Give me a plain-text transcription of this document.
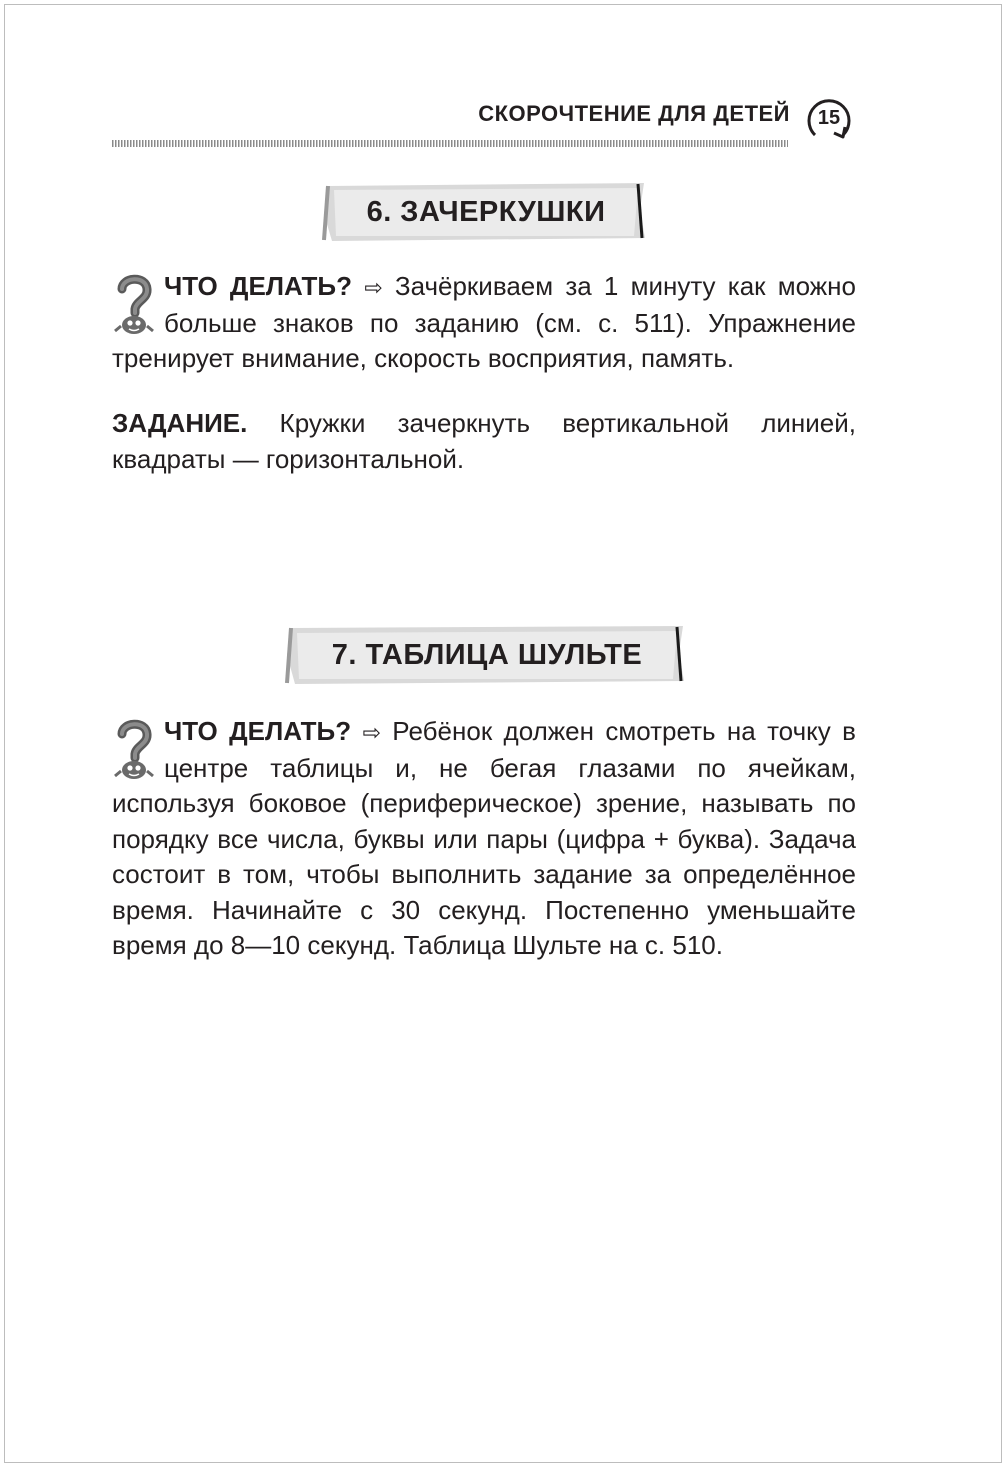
СКОРОЧТЕНИЕ ДЛЯ ДЕТЕЙ	15
6. ЗАЧЕРКУШКИ
ЧТО ДЕЛАТЬ? ⇨ Зачёркиваем за 1 минуту как можно больше знаков по заданию (см. с. 511). Упражнение тренирует внимание, скорость восприятия, память.
ЗАДАНИЕ. Кружки зачеркнуть вертикальной линией, квадраты — горизонтальной.
7. ТАБЛИЦА ШУЛЬТЕ
ЧТО ДЕЛАТЬ? ⇨ Ребёнок должен смотреть на точку в центре таблицы и, не бегая глазами по ячейкам, используя боковое (периферическое) зрение, называть по порядку все числа, буквы или пары (цифра + буква). Задача состоит в том, чтобы выполнить задание за определённое время. Начинайте с 30 секунд. Постепенно уменьшайте время до 8—10 секунд. Таблица Шульте на с. 510.
